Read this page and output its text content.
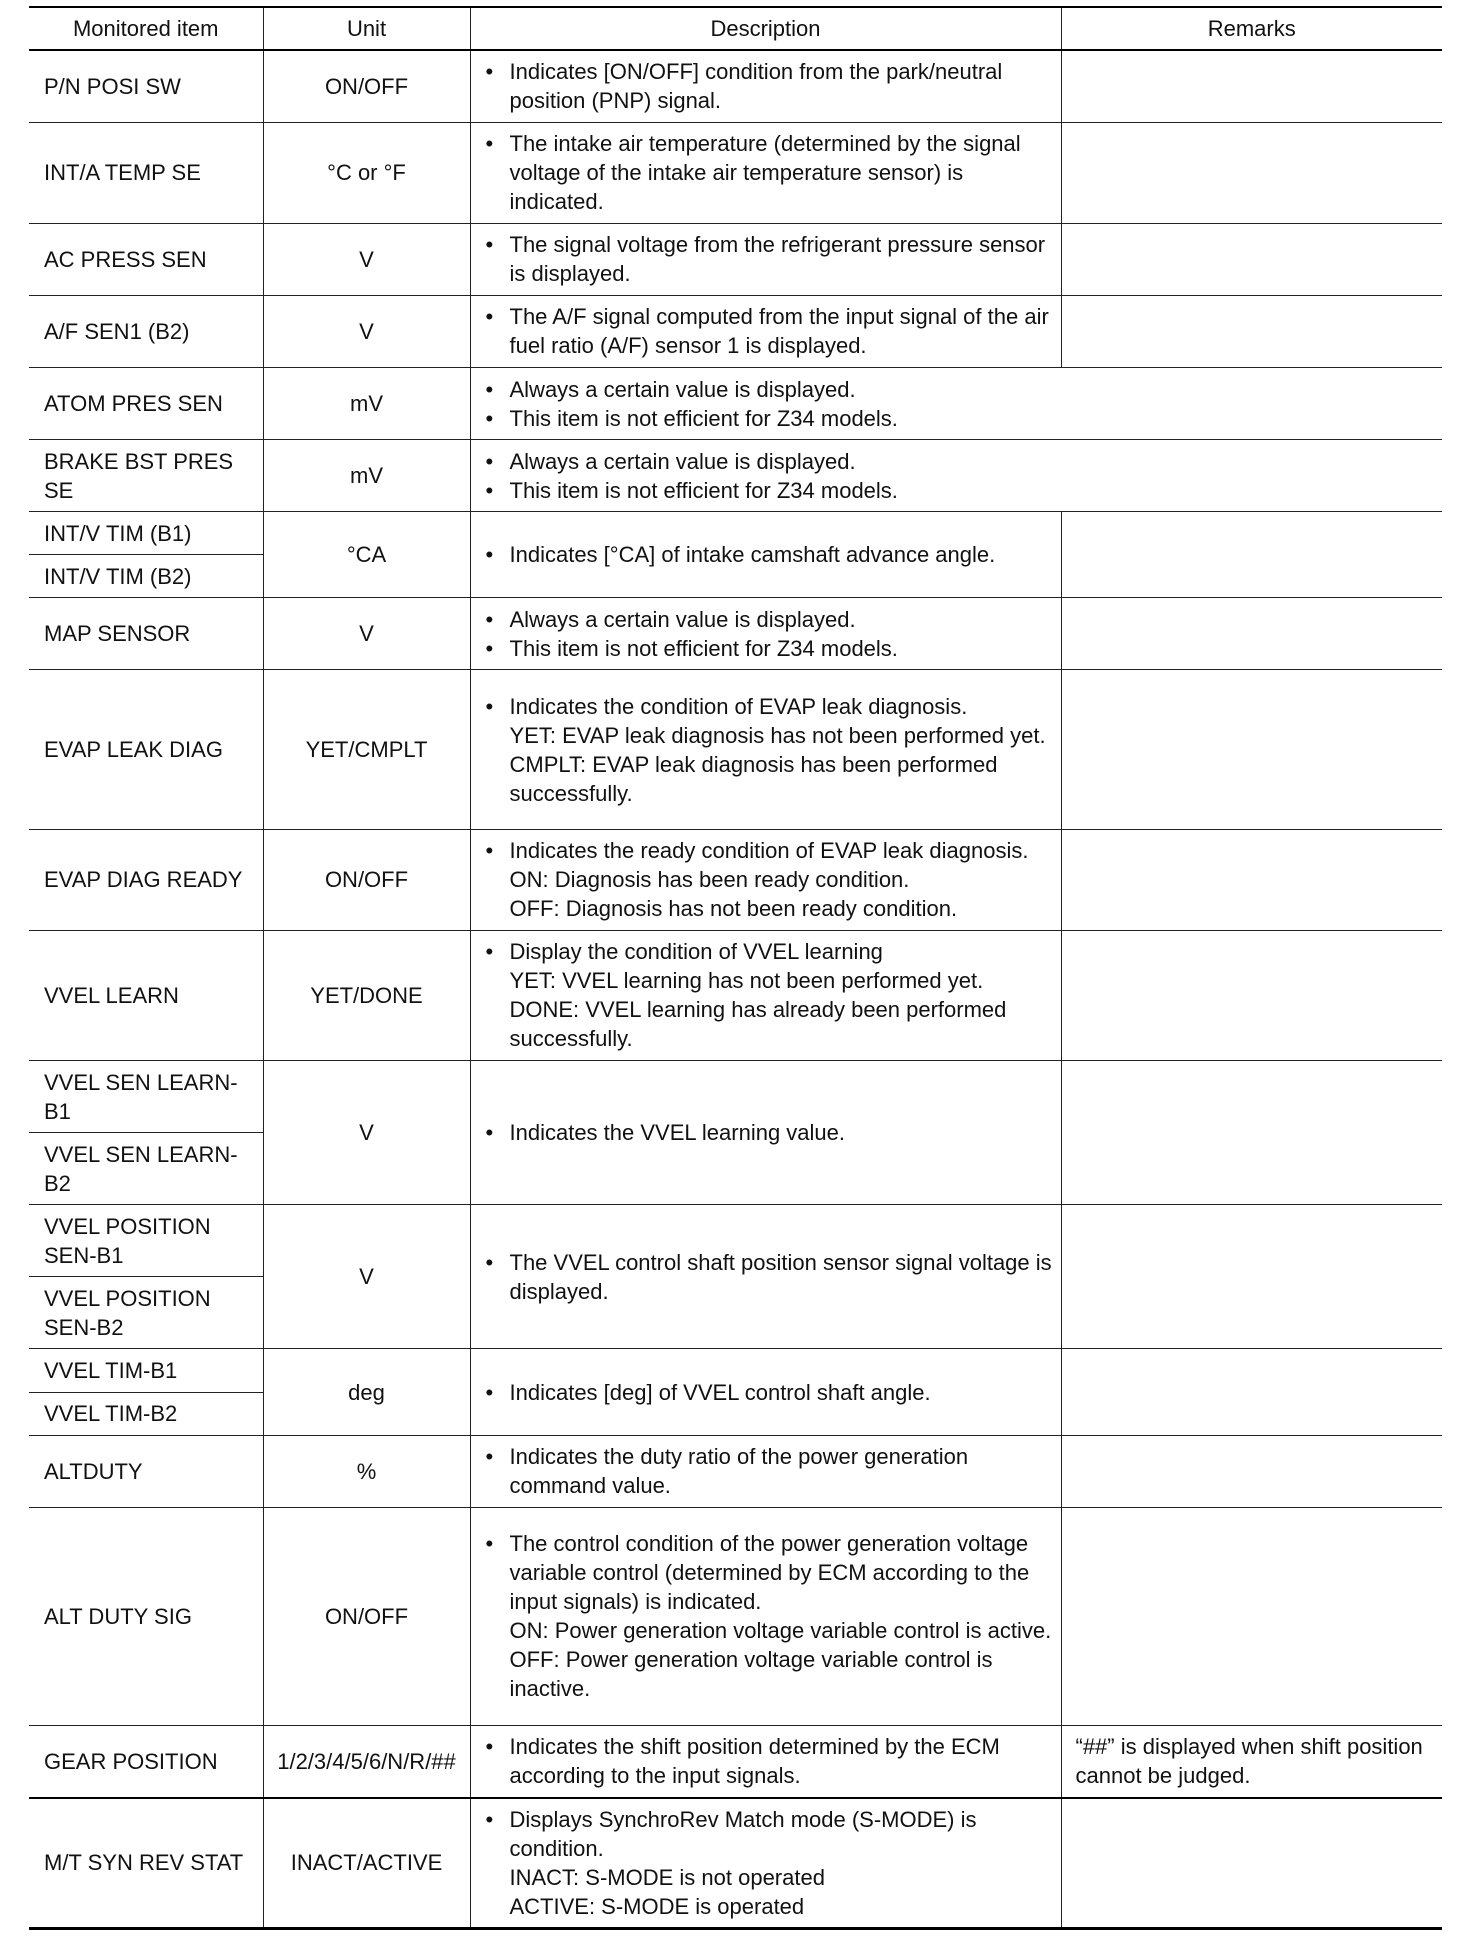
Monitored item	Unit	Description	Remarks
P/N POSI SW	ON/OFF	• Indicates [ON/OFF] condition from the park/neutral position (PNP) signal.	

INT/A TEMP SE	°C or °F	• The intake air temperature (determined by the signal voltage of the intake air temperature sensor) is indicated.	

AC PRESS SEN	V	• The signal voltage from the refrigerant pressure sensor is displayed.	

A/F SEN1 (B2)	V	• The A/F signal computed from the input signal of the air fuel ratio (A/F) sensor 1 is displayed.	

ATOM PRES SEN	mV	• Always a certain value is displayed.
• This item is not efficient for Z34 models.	

BRAKE BST PRES SE	mV	• Always a certain value is displayed.
• This item is not efficient for Z34 models.	

INT/V TIM (B1)	°CA	• Indicates [°CA] of intake camshaft advance angle.	

INT/V TIM (B2)			
MAP SENSOR	V	• Always a certain value is displayed.
• This item is not efficient for Z34 models.	

EVAP LEAK DIAG	YET/CMPLT	• Indicates the condition of EVAP leak diagnosis.
YET: EVAP leak diagnosis has not been performed yet.
CMPLT: EVAP leak diagnosis has been performed successfully.	

EVAP DIAG READY	ON/OFF	• Indicates the ready condition of EVAP leak diagnosis.
ON: Diagnosis has been ready condition.
OFF: Diagnosis has not been ready condition.	

VVEL LEARN	YET/DONE	• Display the condition of VVEL learning
YET: VVEL learning has not been performed yet.
DONE: VVEL learning has already been performed successfully.	

VVEL SEN LEARN-B1	V	• Indicates the VVEL learning value.	

VVEL SEN LEARN-B2			
VVEL POSITION SEN-B1	V	• The VVEL control shaft position sensor signal voltage is displayed.	

VVEL POSITION SEN-B2			
VVEL TIM-B1	deg	• Indicates [deg] of VVEL control shaft angle.	

VVEL TIM-B2			
ALTDUTY	%	• Indicates the duty ratio of the power generation command value.	

ALT DUTY SIG	ON/OFF	• The control condition of the power generation voltage variable control (determined by ECM according to the input signals) is indicated.
ON: Power generation voltage variable control is active.
OFF: Power generation voltage variable control is inactive.	

GEAR POSITION	1/2/3/4/5/6/N/R/##	• Indicates the shift position determined by the ECM according to the input signals.	“##” is displayed when shift position cannot be judged.
M/T SYN REV STAT	INACT/ACTIVE	• Displays SynchroRev Match mode (S-MODE) is condition.
INACT: S-MODE is not operated
ACTIVE: S-MODE is operated	
